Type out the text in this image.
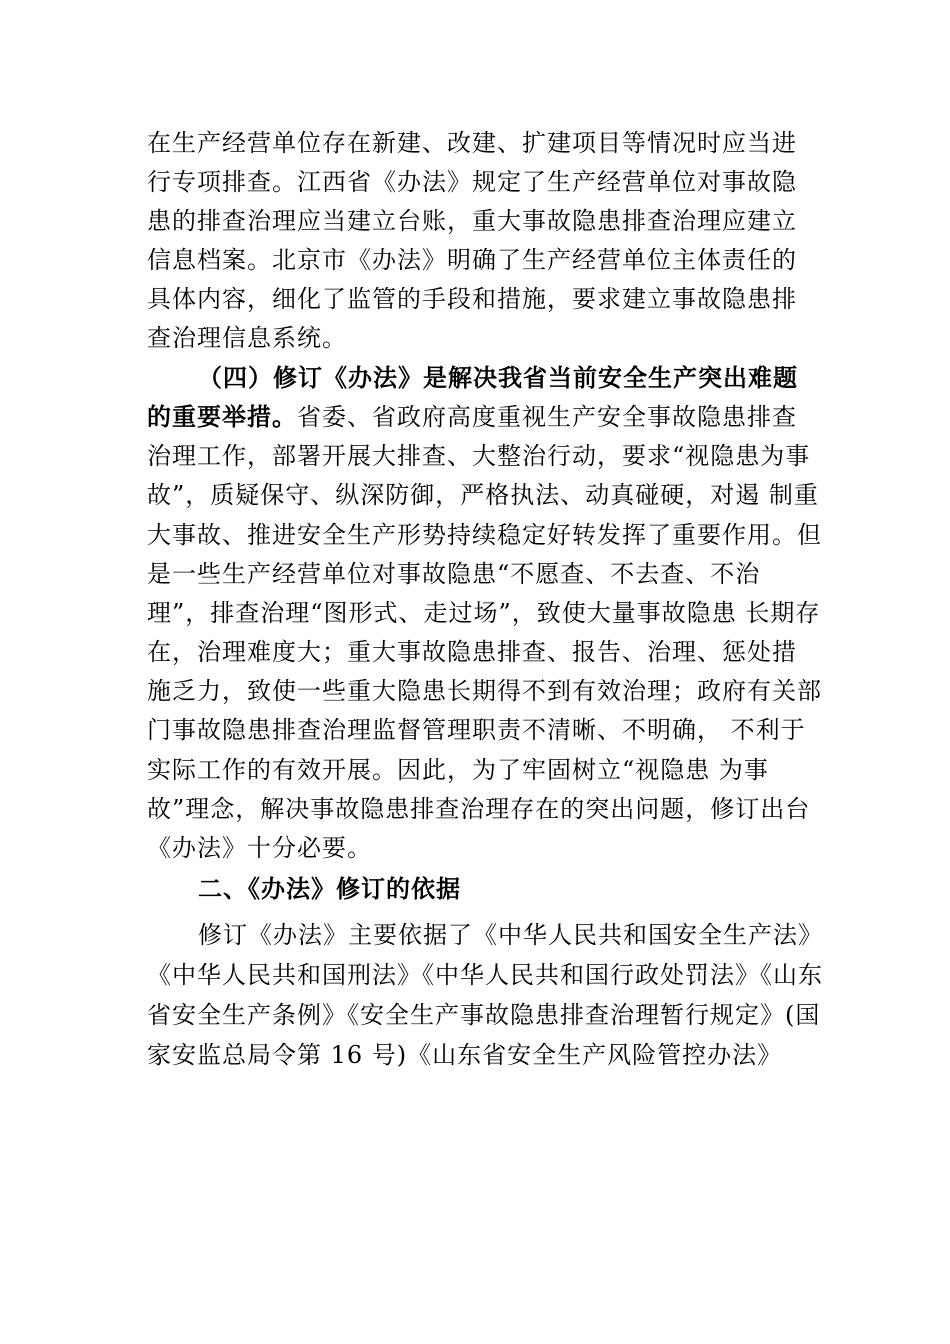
在生产经营单位存在新建、改建、扩建项目等情况时应当进
行专项排查。江西省《办法》规定了生产经营单位对事故隐
患的排查治理应当建立台账，重大事故隐患排查治理应建立
信息档案。北京市《办法》明确了生产经营单位主体责任的
具体内容，细化了监管的手段和措施，要求建立事故隐患排
查治理信息系统。
（四）修订《办法》是解决我省当前安全生产突出难题
的重要举措。省委、省政府高度重视生产安全事故隐患排查
治理工作，部署开展大排查、大整治行动，要求“视隐患为事
故”，质疑保守、纵深防御，严格执法、动真碰硬，对遏 制重
大事故、推进安全生产形势持续稳定好转发挥了重要作用。但
是一些生产经营单位对事故隐患“不愿查、不去查、不治
理”，排查治理“图形式、走过场”，致使大量事故隐患 长期存
在，治理难度大；重大事故隐患排查、报告、治理、惩处措
施乏力，致使一些重大隐患长期得不到有效治理；政府有关部
门事故隐患排查治理监督管理职责不清晰、不明确， 不利于
实际工作的有效开展。因此，为了牢固树立“视隐患 为事
故”理念，解决事故隐患排查治理存在的突出问题，修订出台
《办法》十分必要。
二、《办法》修订的依据
修订《办法》主要依据了《中华人民共和国安全生产法》
《中华人民共和国刑法》《中华人民共和国行政处罚法》《山东
省安全生产条例》《安全生产事故隐患排查治理暂行规定》(国
家安监总局令第 16 号)《山东省安全生产风险管控办法》
